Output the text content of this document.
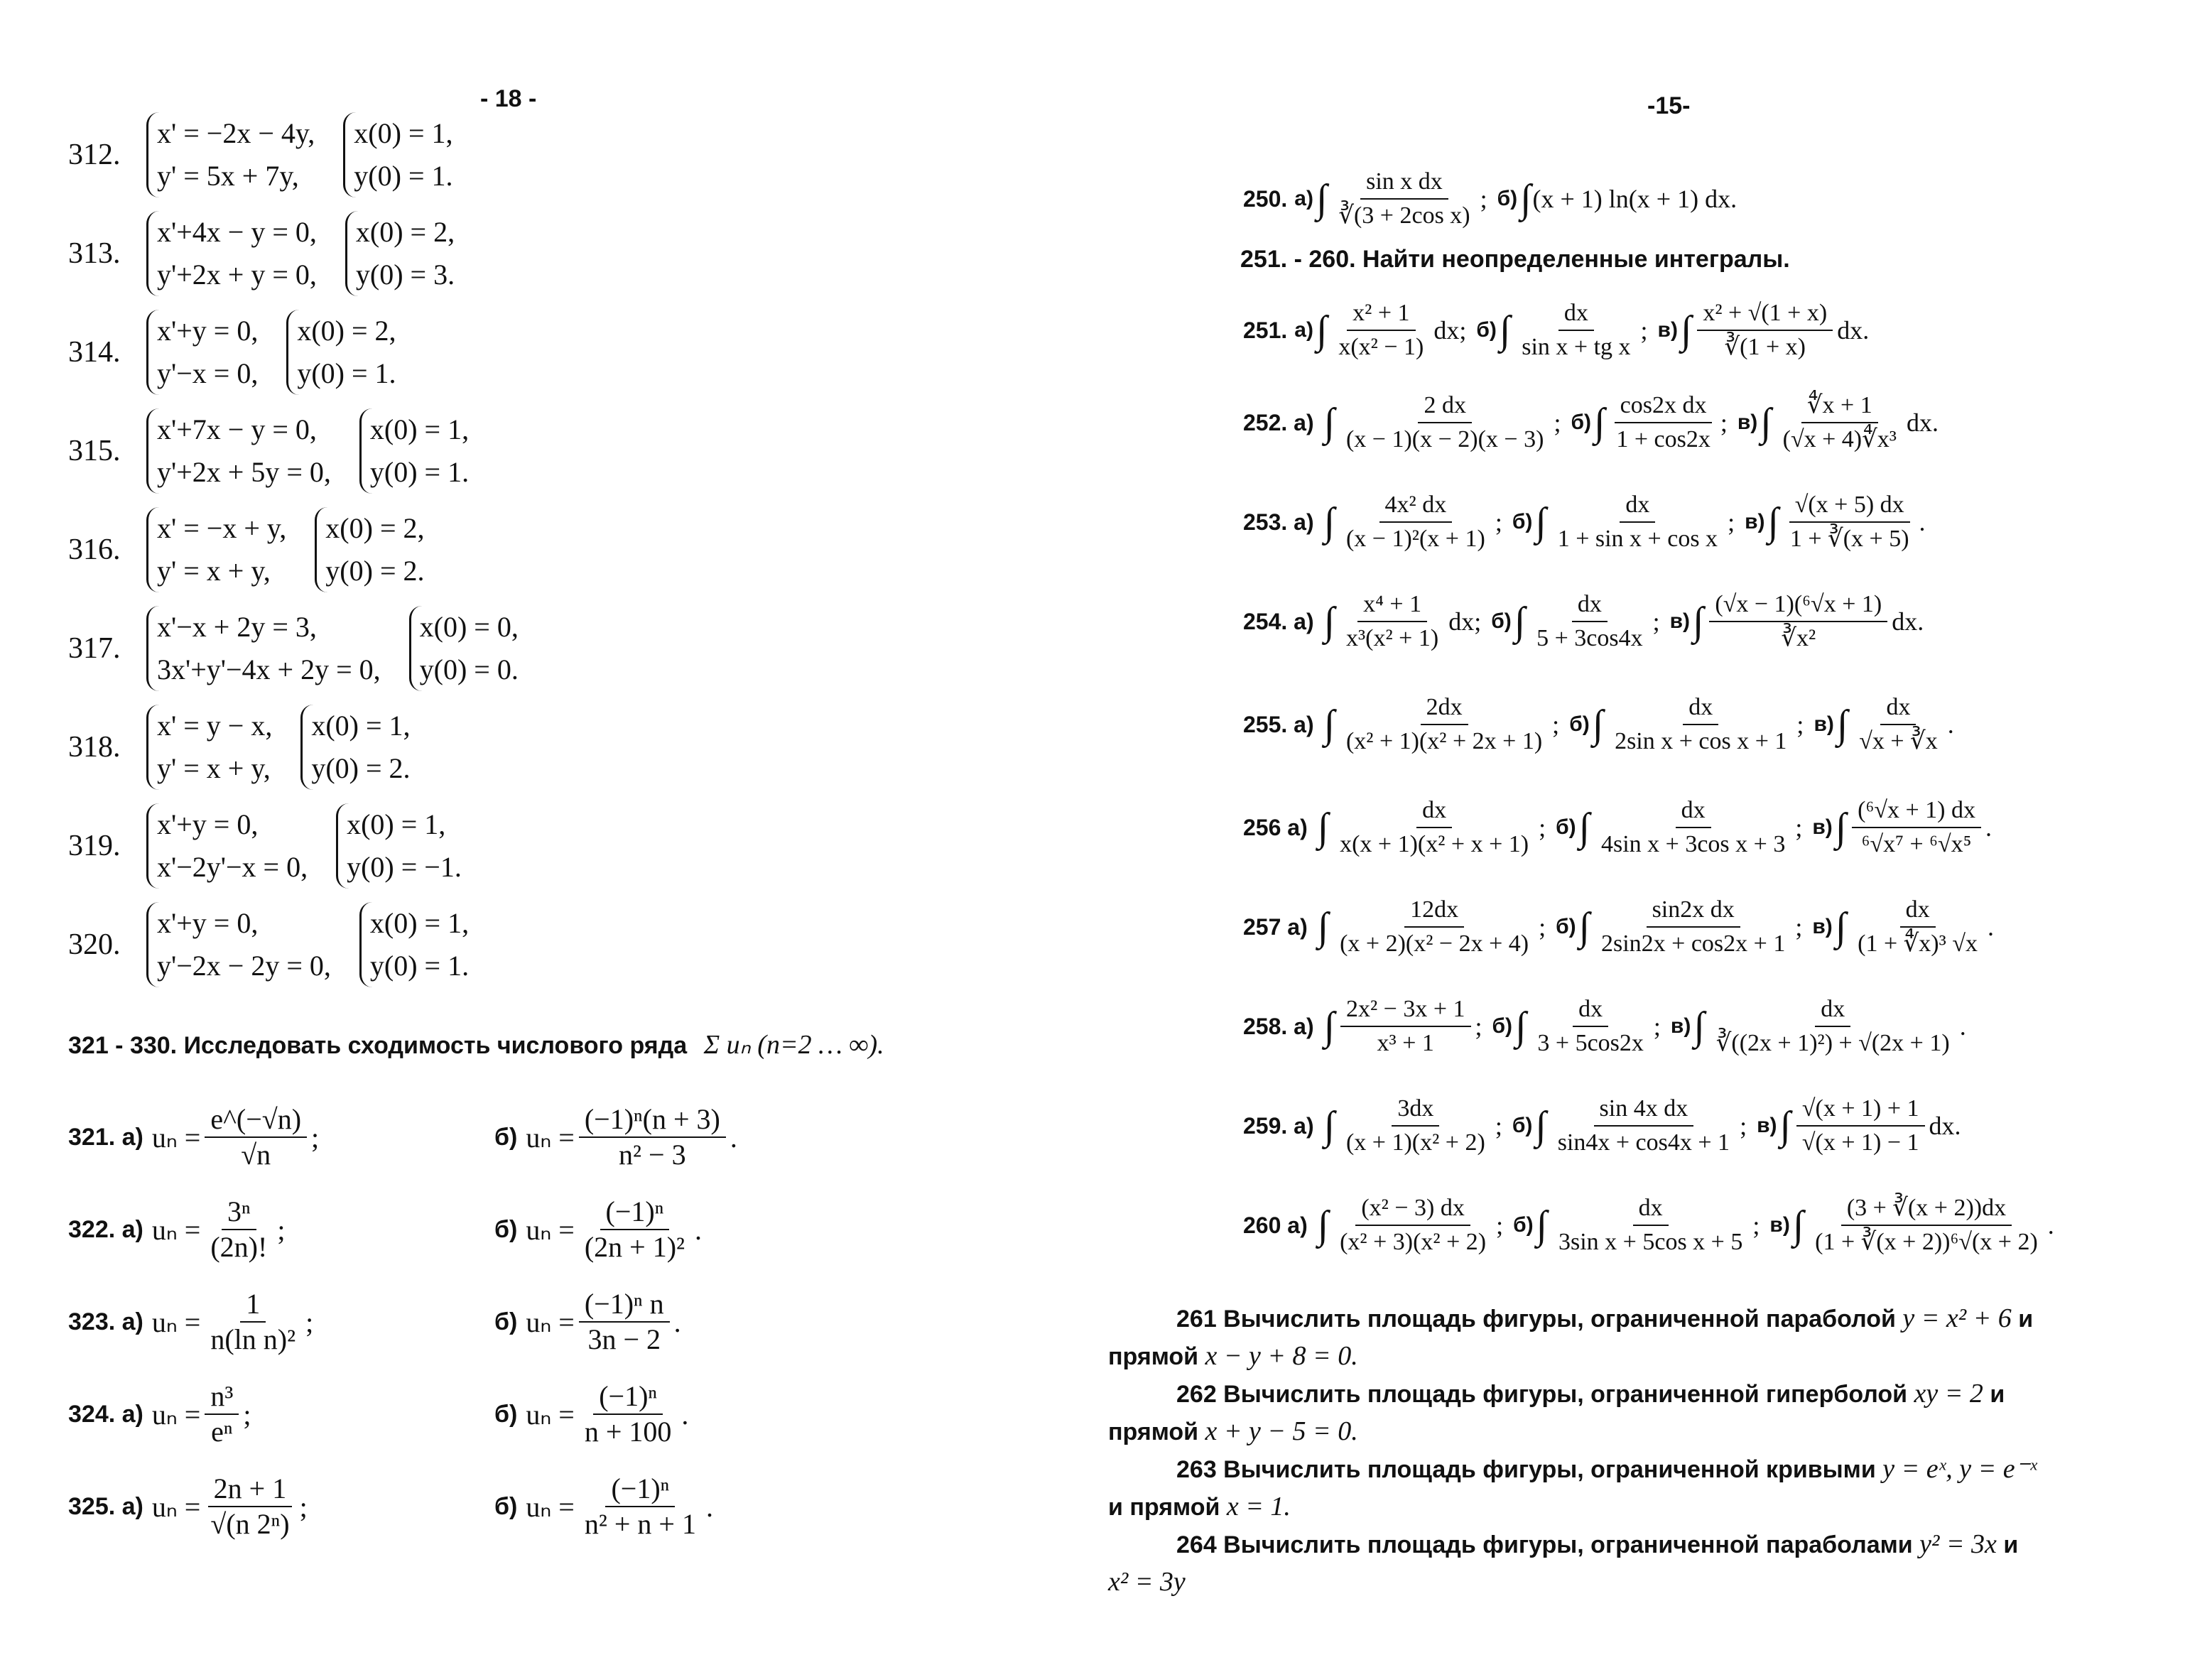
- 18 -
312.
x' = −2x − 4y,
y' = 5x + 7y,
x(0) = 1,
y(0) = 1.
313.
x'+4x − y = 0,
y'+2x + y = 0,
x(0) = 2,
y(0) = 3.
314.
x'+y = 0,
y'−x = 0,
x(0) = 2,
y(0) = 1.
315.
x'+7x − y = 0,
y'+2x + 5y = 0,
x(0) = 1,
y(0) = 1.
316.
x' = −x + y,
y' = x + y,
x(0) = 2,
y(0) = 2.
317.
x'−x + 2y = 3,
3x'+y'−4x + 2y = 0,
x(0) = 0,
y(0) = 0.
318.
x' = y − x,
y' = x + y,
x(0) = 1,
y(0) = 2.
319.
x'+y = 0,
x'−2y'−x = 0,
x(0) = 1,
y(0) = −1.
320.
x'+y = 0,
y'−2x − 2y = 0,
x(0) = 1,
y(0) = 1.
321 - 330. Исследовать сходимость числового ряда Σ uₙ (n=2 … ∞).
321. а) $u_n = \frac{e\^{}(-√n)}{√n}$ ;	б) $u_n = \frac{\text{(−1)ⁿ(n + 3)}}{\text{n² − 3}}$ .
322. а) $u_n = \frac{\text{3ⁿ}}{(2n)!}$ ;	б) $u_n = \frac{\text{(−1)ⁿ}}{\text{(2n + 1)²}}$ .
323. а) $u_n = \frac{1}{\text{n(ln n)²}}$ ;	б) $u_n = \frac{\text{(−1)ⁿ n}}{3n - 2}$ .
324. а) $u_n = \frac{\text{n³}}{\text{eⁿ}}$ ;	б) $u_n = \frac{\text{(−1)ⁿ}}{n + 100}$ .
325. а) $u_n = \frac{2n + 1}{\text{√(n 2ⁿ)}}$ ;	б) $u_n = \frac{\text{(−1)ⁿ}}{\text{n² + n + 1}}$ .
-15-
250. а) ∫ $\frac{\text{sin x dx}}{\text{∛(3 + 2cos x)}}$ ; б) ∫ (x + 1) ln(x + 1) dx.
251. а) ∫ $\frac{\text{x² + 1}}{\text{x(x² − 1)}}$ dx; б) ∫ $\frac{dx}{\text{sin x + tg x}}$ ; в) ∫ $\frac{\text{x² + √(1 + x)}}{∛(1 + x)}$ dx.
252. а) ∫ $\frac{2 dx}{(x - 1)(x - 2)(x - 3)}$ ; б) ∫ $\frac{\text{cos2x dx}}{1 + \cos 2x}$ ; в) ∫ $\frac{∜x + 1}{\text{(√x + 4)∜x³}}$ dx.
253. а) ∫ $\frac{\text{4x² dx}}{\text{(x − 1)²(x + 1)}}$ ; б) ∫ $\frac{dx}{\text{1 + sin x + cos x}}$ ; в) ∫ $\frac{√(x + 5) dx}{1 + ∛(x + 5)}$ .
254. а) ∫ $\frac{\text{x⁴ + 1}}{\text{x³(x² + 1)}}$ dx; б) ∫ $\frac{dx}{5 + 3\cos 4x}$ ; в) ∫ $\frac{\text{(√x − 1)(⁶√x + 1)}}{\text{∛x²}}$ dx.
255. а) ∫ $\frac{2dx}{\text{(x² + 1)(x² + 2x + 1)}}$ ; б) ∫ $\frac{dx}{\text{2sin x + cos x + 1}}$ ; в) ∫ $\frac{dx}{√x + ∛x}$ .
256 а) ∫ $\frac{dx}{\text{x(x + 1)(x² + x + 1)}}$ ; б) ∫ $\frac{dx}{\text{4sin x + 3cos x + 3}}$ ; в) ∫ $\frac{\text{(⁶√x + 1) dx}}{\text{⁶√x⁷ + ⁶√x⁵}}$ .
257 а) ∫ $\frac{12dx}{\text{(x + 2)(x² − 2x + 4)}}$ ; б) ∫ $\frac{\text{sin2x dx}}{2\sin 2x + \cos 2x + 1}$ ; в) ∫ $\frac{dx}{\text{(1 + ∜x)³ √x}}$ .
258. а) ∫ $\frac{\text{2x² − 3x + 1}}{\text{x³ + 1}}$ ; б) ∫ $\frac{dx}{3 + 5\cos 2x}$ ; в) ∫ $\frac{dx}{\text{∛((2x + 1)²) + √(2x + 1)}}$ .
259. а) ∫ $\frac{3dx}{\text{(x + 1)(x² + 2)}}$ ; б) ∫ $\frac{\text{sin 4x dx}}{\sin 4x + \cos 4x + 1}$ ; в) ∫ $\frac{√(x + 1) + 1}{√(x + 1) - 1}$ dx.
260 а) ∫ $\frac{\text{(x² − 3) dx}}{\text{(x² + 3)(x² + 2)}}$ ; б) ∫ $\frac{dx}{\text{3sin x + 5cos x + 5}}$ ; в) ∫ $\frac{(3 + ∛(x + 2))dx}{\text{(1 + ∛(x + 2))⁶√(x + 2)}}$ .
251. - 260. Найти неопределенные интегралы.
261 Вычислить площадь фигуры, ограниченной параболой y = x² + 6 и
прямой x − y + 8 = 0.
262 Вычислить площадь фигуры, ограниченной гиперболой xy = 2 и
прямой x + y − 5 = 0.
263 Вычислить площадь фигуры, ограниченной кривыми y = eˣ, y = e⁻ˣ
и прямой x = 1.
264 Вычислить площадь фигуры, ограниченной параболами y² = 3x и
x² = 3y
